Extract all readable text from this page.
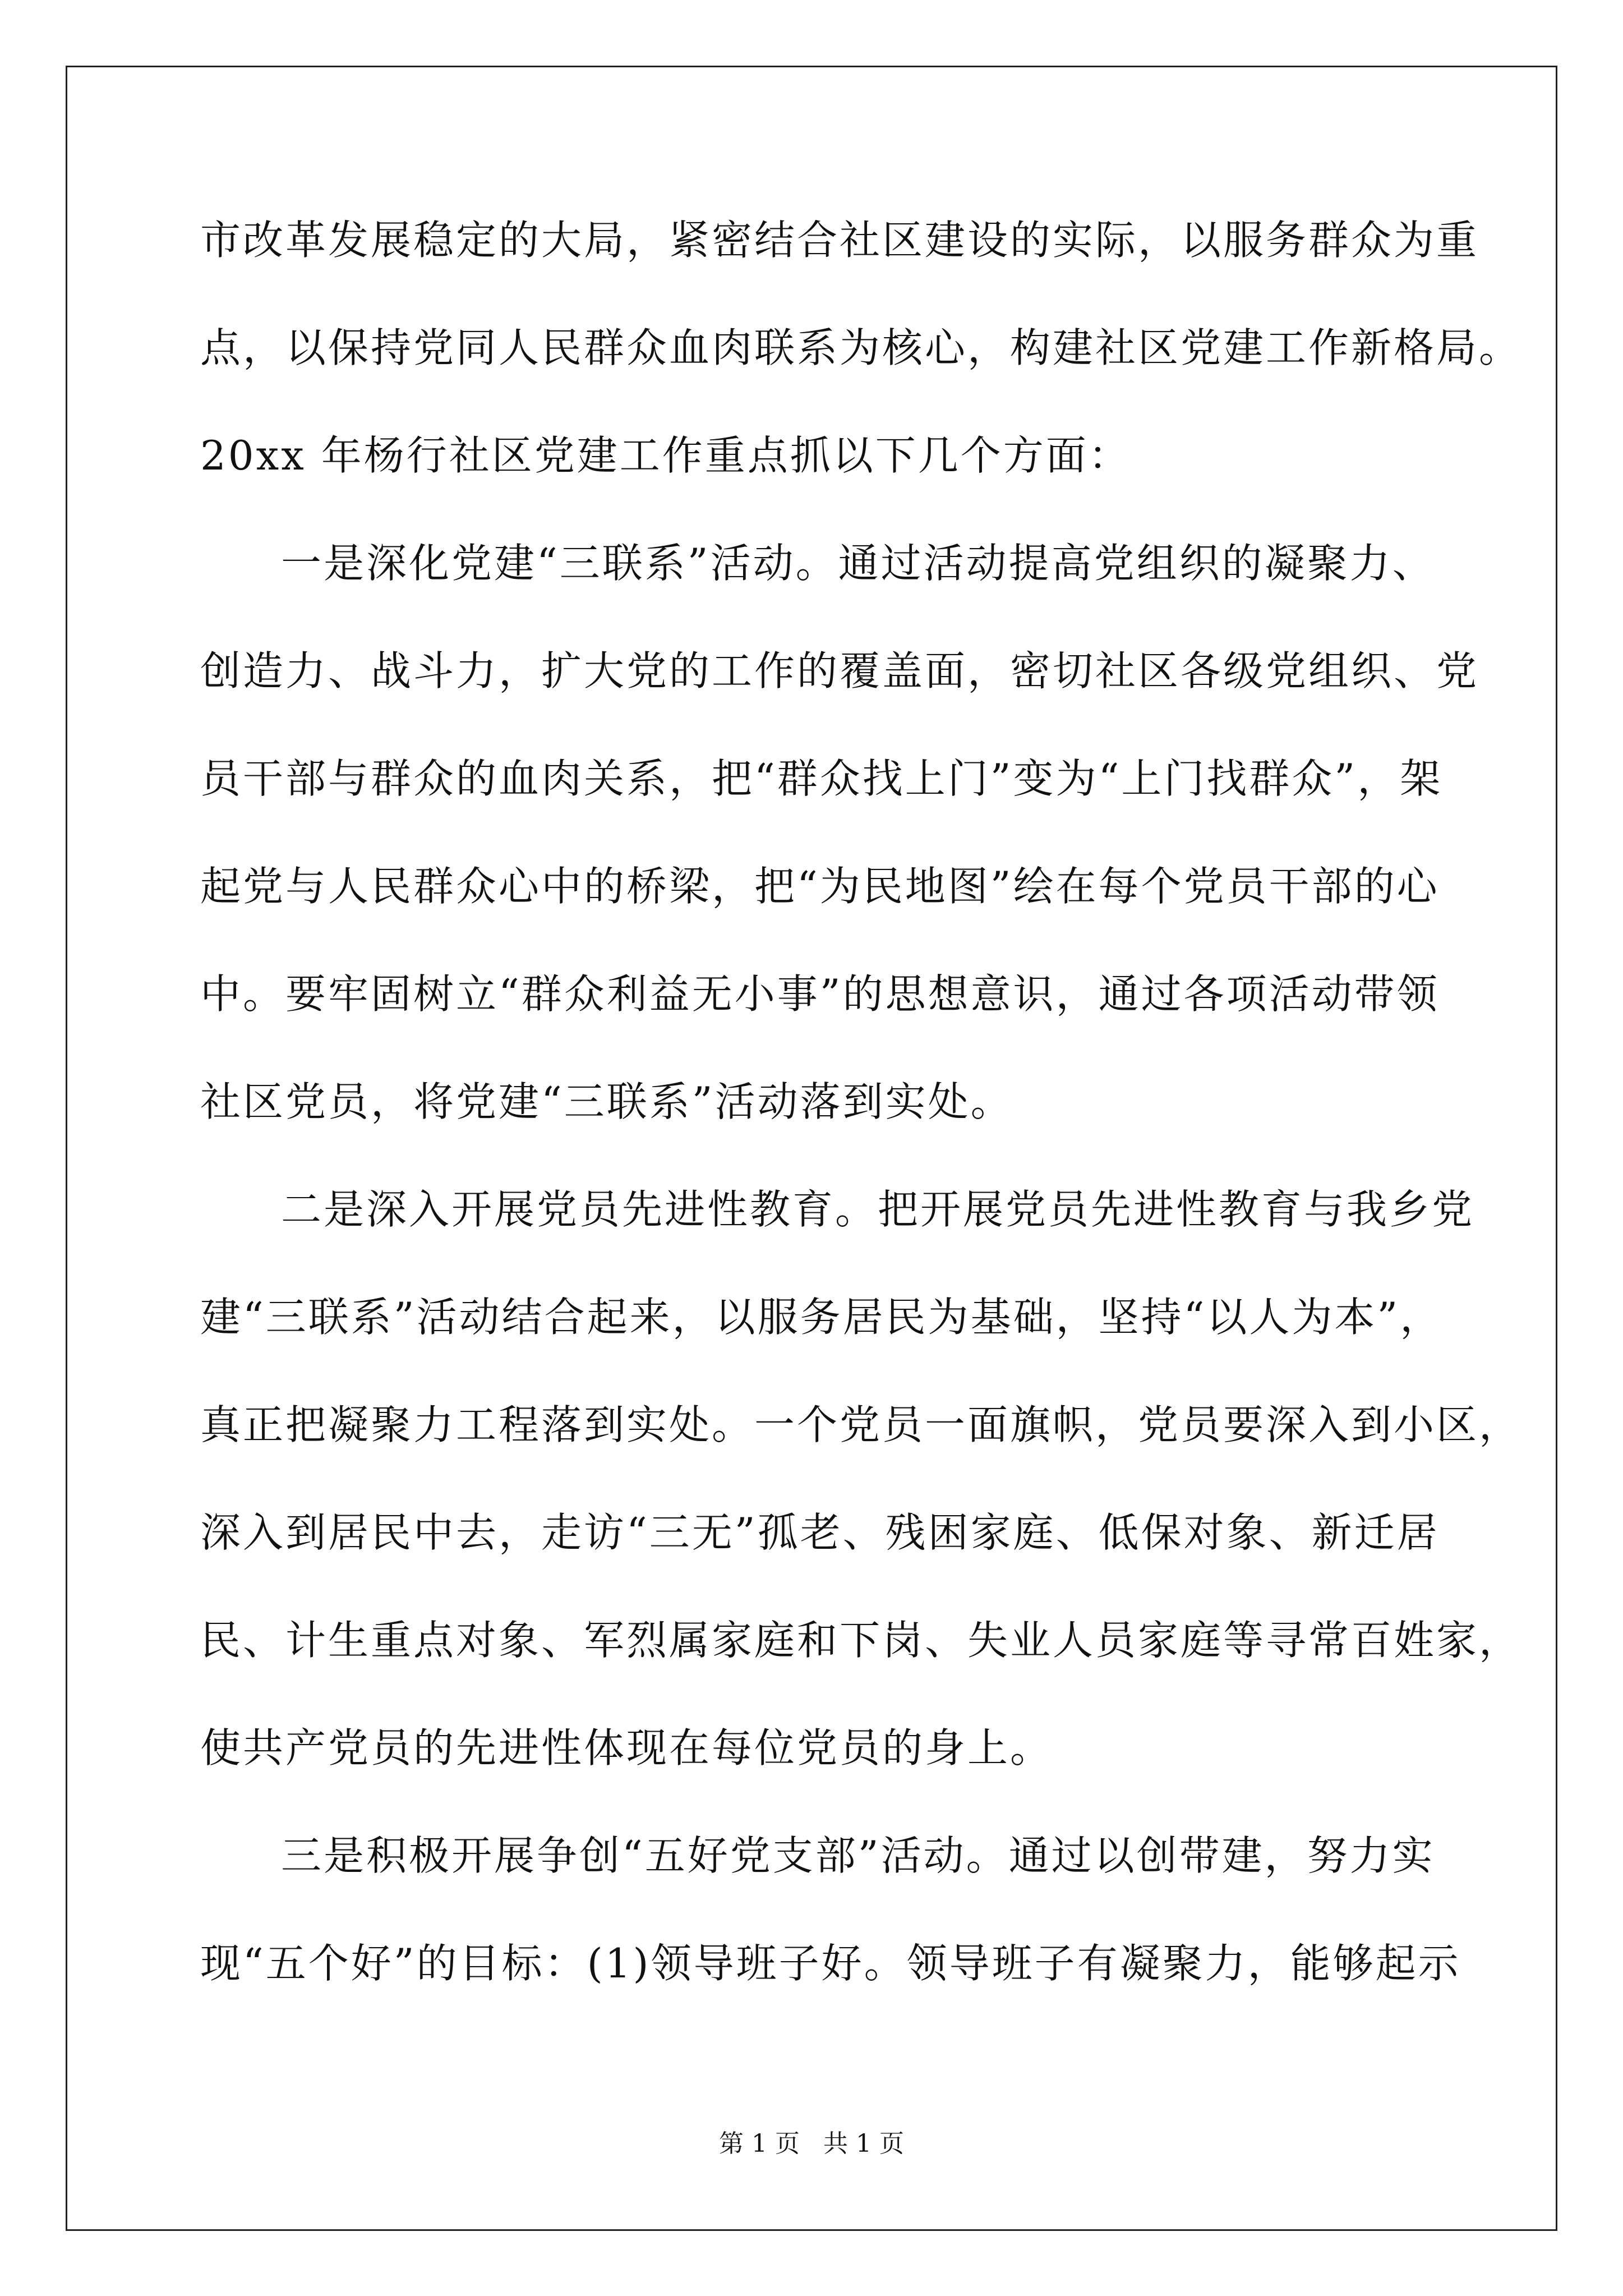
市改革发展稳定的大局，紧密结合社区建设的实际，以服务群众为重
点，以保持党同人民群众血肉联系为核心，构建社区党建工作新格局。
20xx 年杨行社区党建工作重点抓以下几个方面：
一是深化党建“三联系”活动。通过活动提高党组织的凝聚力、
创造力、战斗力，扩大党的工作的覆盖面，密切社区各级党组织、党
员干部与群众的血肉关系，把“群众找上门”变为“上门找群众”，架
起党与人民群众心中的桥梁，把“为民地图”绘在每个党员干部的心
中。要牢固树立“群众利益无小事”的思想意识，通过各项活动带领
社区党员，将党建“三联系”活动落到实处。
二是深入开展党员先进性教育。把开展党员先进性教育与我乡党
建“三联系”活动结合起来，以服务居民为基础，坚持“以人为本”，
真正把凝聚力工程落到实处。一个党员一面旗帜，党员要深入到小区，
深入到居民中去，走访“三无”孤老、残困家庭、低保对象、新迁居
民、计生重点对象、军烈属家庭和下岗、失业人员家庭等寻常百姓家，
使共产党员的先进性体现在每位党员的身上。
三是积极开展争创“五好党支部”活动。通过以创带建，努力实
现“五个好”的目标：(1)领导班子好。领导班子有凝聚力，能够起示
第 1 页 共 1 页
